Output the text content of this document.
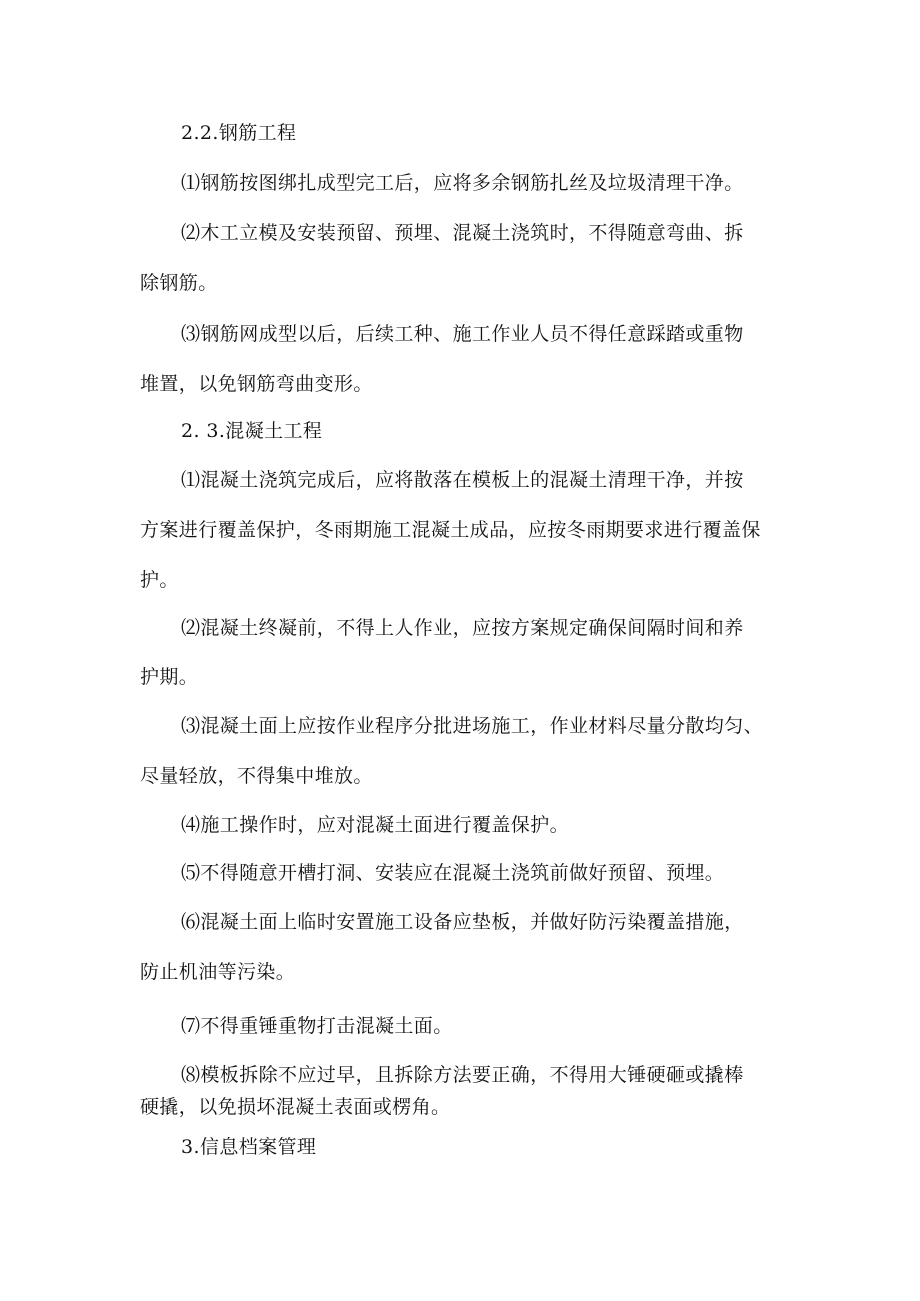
2.2.钢筋工程
⑴钢筋按图绑扎成型完工后，应将多余钢筋扎丝及垃圾清理干净。
⑵木工立模及安装预留、预埋、混凝土浇筑时，不得随意弯曲、拆
除钢筋。
⑶钢筋网成型以后，后续工种、施工作业人员不得任意踩踏或重物
堆置，以免钢筋弯曲变形。
2. 3.混凝土工程
⑴混凝土浇筑完成后，应将散落在模板上的混凝土清理干净，并按
方案进行覆盖保护，冬雨期施工混凝土成品，应按冬雨期要求进行覆盖保
护。
⑵混凝土终凝前，不得上人作业，应按方案规定确保间隔时间和养
护期。
⑶混凝土面上应按作业程序分批进场施工，作业材料尽量分散均匀、
尽量轻放，不得集中堆放。
⑷施工操作时，应对混凝土面进行覆盖保护。
⑸不得随意开槽打洞、安装应在混凝土浇筑前做好预留、预埋。
⑹混凝土面上临时安置施工设备应垫板，并做好防污染覆盖措施，
防止机油等污染。
⑺不得重锤重物打击混凝土面。
⑻模板拆除不应过早，且拆除方法要正确，不得用大锤硬砸或撬棒
硬撬，以免损坏混凝土表面或楞角。
3.信息档案管理
